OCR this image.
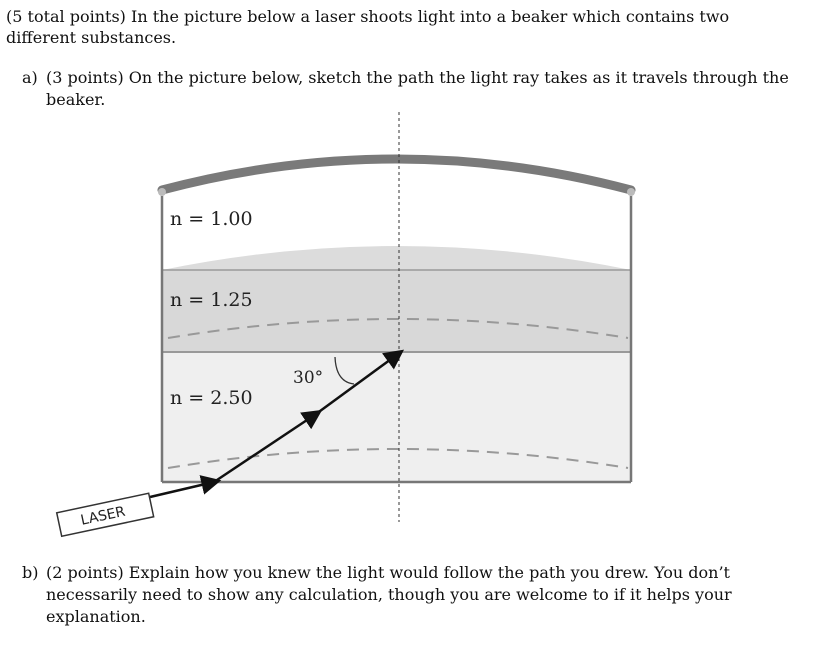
(5 total points) In the picture below a laser shoots light into a beaker which contains two different substances.
a) (3 points) On the picture below, sketch the path the light ray takes as it travels through the beaker.
n = 1.00
n = 1.25
n = 2.50
30°
LASER
b) (2 points) Explain how you knew the light would follow the path you drew. You don’t necessarily need to show any calculation, though you are welcome to if it helps your explanation.
